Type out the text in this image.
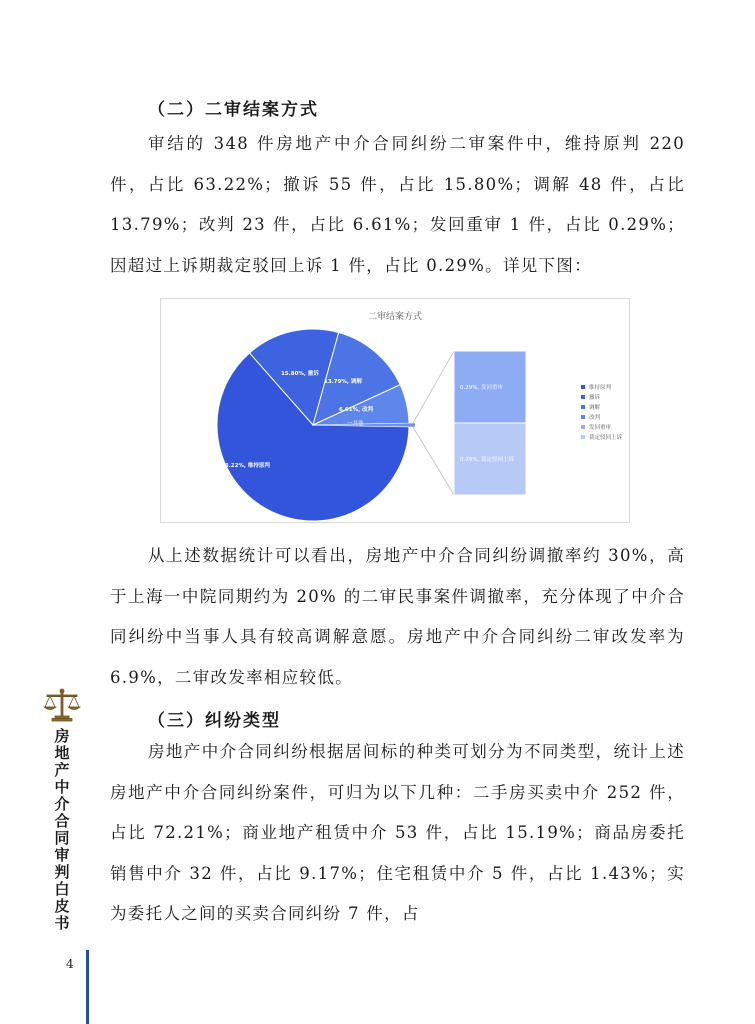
（二）二审结案方式

审结的 348 件房地产中介合同纠纷二审案件中，维持原判 220 件，占比 63.22%；撤诉 55 件，占比 15.80%；调解 48 件，占比 13.79%；改判 23 件，占比 6.61%；发回重审 1 件，占比 0.29%；因超过上诉期裁定驳回上诉 1 件，占比 0.29%。详见下图：

二审结案方式
63.22%, 维持原判
15.80%, 撤诉
13.79%, 调解
6.61%, 改判
一其他
0.29%, 发回重审
0.29%, 裁定驳回上诉
维持原判
撤诉
调解
改判
发回重审
裁定驳回上诉

从上述数据统计可以看出，房地产中介合同纠纷调撤率约 30%，高于上海一中院同期约为 20% 的二审民事案件调撤率，充分体现了中介合同纠纷中当事人具有较高调解意愿。房地产中介合同纠纷二审改发率为 6.9%，二审改发率相应较低。

（三）纠纷类型

房地产中介合同纠纷根据居间标的种类可划分为不同类型，统计上述房地产中介合同纠纷案件，可归为以下几种：二手房买卖中介 252 件，占比 72.21%；商业地产租赁中介 53 件，占比 15.19%；商品房委托销售中介 32 件，占比 9.17%；住宅租赁中介 5 件，占比 1.43%；实为委托人之间的买卖合同纠纷 7 件，占

房地产中介合同审判白皮书
4
